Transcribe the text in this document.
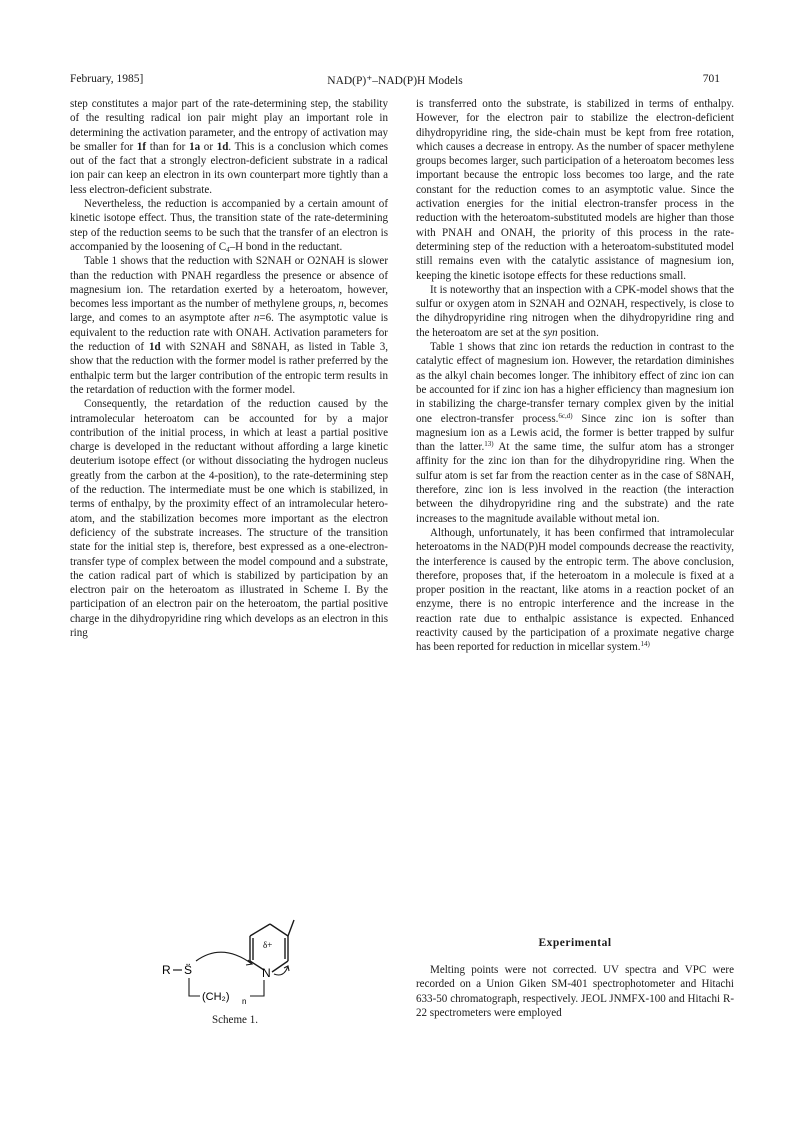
February, 1985]	NAD(P)⁺–NAD(P)H Models	701

step constitutes a major part of the rate-determining step, the stability of the resulting radical ion pair might play an important role in determining the activation parameter, and the entropy of activation may be smaller for 1f than for 1a or 1d. This is a conclusion which comes out of the fact that a strongly electron-deficient substrate in a radical ion pair can keep an electron in its own counterpart more tightly than a less electron-deficient substrate.

Nevertheless, the reduction is accompanied by a certain amount of kinetic isotope effect. Thus, the transition state of the rate-determining step of the reduction seems to be such that the transfer of an electron is accompanied by the loosening of $C_4-H$ bond in the reductant.

Table 1 shows that the reduction with S2NAH or O2NAH is slower than the reduction with PNAH regardless the presence or absence of magnesium ion. The retardation exerted by a heteroatom, however, becomes less important as the number of methylene groups, n, becomes large, and comes to an asymptote after n=6. The asymptotic value is equivalent to the reduction rate with ONAH. Activation parameters for the reduction of 1d with S2NAH and S8NAH, as listed in Table 3, show that the reduction with the former model is rather preferred by the enthalpic term but the larger contribution of the entropic term results in the retardation of reduction with the former model.

Consequently, the retardation of the reduction caused by the intramolecular heteroatom can be accounted for by a major contribution of the initial process, in which at least a partial positive charge is developed in the reductant without affording a large kinetic deuterium isotope effect (or without dissociating the hydrogen nucleus greatly from the carbon at the 4-position), to the rate-determining step of the reduction. The intermediate must be one which is stabilized, in terms of enthalpy, by the proximity effect of an intramolecular hetero-atom, and the stabilization becomes more important as the electron deficiency of the substrate increases. The structure of the transition state for the initial step is, therefore, best expressed as a one-electron-transfer type of complex between the model compound and a substrate, the cation radical part of which is stabilized by participation by an electron pair on the heteroatom as illustrated in Scheme I. By the participation of an electron pair on the heteroatom, the partial positive charge in the dihydropyridine ring which develops as an electron in this ring

is transferred onto the substrate, is stabilized in terms of enthalpy. However, for the electron pair to stabilize the electron-deficient dihydropyridine ring, the side-chain must be kept from free rotation, which causes a decrease in entropy. As the number of spacer methylene groups becomes larger, such participation of a heteroatom becomes less important because the entropic loss becomes too large, and the rate constant for the reduction comes to an asymptotic value. Since the activation energies for the initial electron-transfer process in the reduction with the heteroatom-substituted models are higher than those with PNAH and ONAH, the priority of this process in the rate-determining step of the reduction with a heteroatom-substituted model still remains even with the catalytic assistance of magnesium ion, keeping the kinetic isotope effects for these reductions small.

It is noteworthy that an inspection with a CPK-model shows that the sulfur or oxygen atom in S2NAH and O2NAH, respectively, is close to the dihydropyridine ring nitrogen when the dihydropyridine ring and the heteroatom are set at the syn position.

Table 1 shows that zinc ion retards the reduction in contrast to the catalytic effect of magnesium ion. However, the retardation diminishes as the alkyl chain becomes longer. The inhibitory effect of zinc ion can be accounted for if zinc ion has a higher efficiency than magnesium ion in stabilizing the charge-transfer ternary complex given by the initial one electron-transfer process.$^{6c,d)}$ Since zinc ion is softer than magnesium ion as a Lewis acid, the former is better trapped by sulfur than the latter.$^{13)}$ At the same time, the sulfur atom has a stronger affinity for the zinc ion than for the dihydropyridine ring. When the sulfur atom is set far from the reaction center as in the case of S8NAH, therefore, zinc ion is less involved in the reaction (the interaction between the dihydropyridine ring and the substrate) and the rate increases to the magnitude available without metal ion.

Although, unfortunately, it has been confirmed that intramolecular heteroatoms in the NAD(P)H model compounds decrease the reactivity, the interference is caused by the entropic term. The above conclusion, therefore, proposes that, if the heteroatom in a molecule is fixed at a proper position in the reactant, like atoms in a reaction pocket of an enzyme, there is no entropic interference and the increase in the reaction rate due to enthalpic assistance is expected. Enhanced reactivity caused by the participation of a proximate negative charge has been reported for reduction in micellar system.$^{14)}$

δ+
N
R S̈
(CH₂) n
Scheme 1.
Experimental

Melting points were not corrected. UV spectra and VPC were recorded on a Union Giken SM-401 spectrophotometer and Hitachi 633-50 chromatograph, respectively. JEOL JNMFX-100 and Hitachi R-22 spectrometers were employed
